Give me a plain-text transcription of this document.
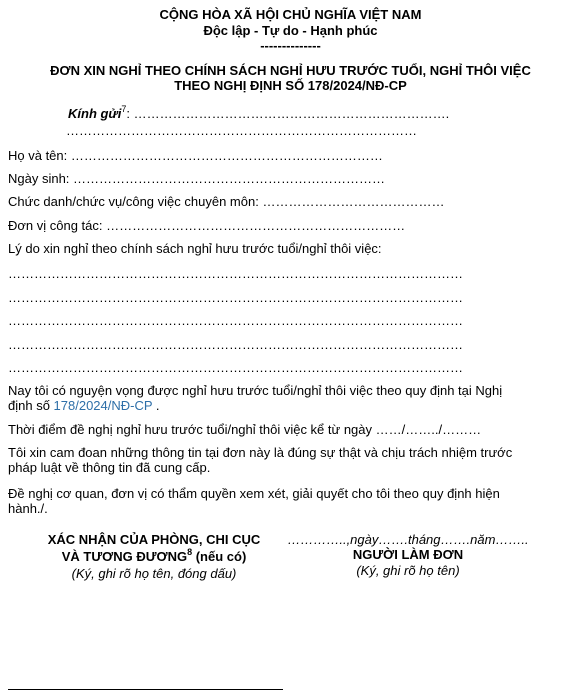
CỘNG HÒA XÃ HỘI CHỦ NGHĨA VIỆT NAM
Độc lập - Tự do - Hạnh phúc
--------------
ĐƠN XIN NGHỈ THEO CHÍNH SÁCH NGHỈ HƯU TRƯỚC TUỔI, NGHỈ THÔI VIỆC
THEO NGHỊ ĐỊNH SỐ 178/2024/NĐ-CP
Kính gửi$^7$: ……………………………………………………………….
………………………………………………………………………
Họ và tên: ………………………………………………………………
Ngày sinh: ………………………………………………………………
Chức danh/chức vụ/công việc chuyên môn: ……………………………………
Đơn vị công tác: ……………………………………………………………
Lý do xin nghỉ theo chính sách nghỉ hưu trước tuổi/nghỉ thôi việc:
……………………………………………………………………………………………
……………………………………………………………………………………………
……………………………………………………………………………………………
……………………………………………………………………………………………
……………………………………………………………………………………………
Nay tôi có nguyện vọng được nghỉ hưu trước tuổi/nghỉ thôi việc theo quy định tại Nghị
định số 178/2024/NĐ-CP .
Thời điểm đề nghị nghỉ hưu trước tuổi/nghỉ thôi việc kể từ ngày ……/……../………
Tôi xin cam đoan những thông tin tại đơn này là đúng sự thật và chịu trách nhiệm trước
pháp luật về thông tin đã cung cấp.
Đề nghị cơ quan, đơn vị có thẩm quyền xem xét, giải quyết cho tôi theo quy định hiện
hành./.
XÁC NHẬN CỦA PHÒNG, CHI CỤC
VÀ TƯƠNG ĐƯƠNG$^8$ (nếu có)
(Ký, ghi rõ họ tên, đóng dấu)
…………..,ngày…….tháng…….năm……..
NGƯỜI LÀM ĐƠN
(Ký, ghi rõ họ tên)
